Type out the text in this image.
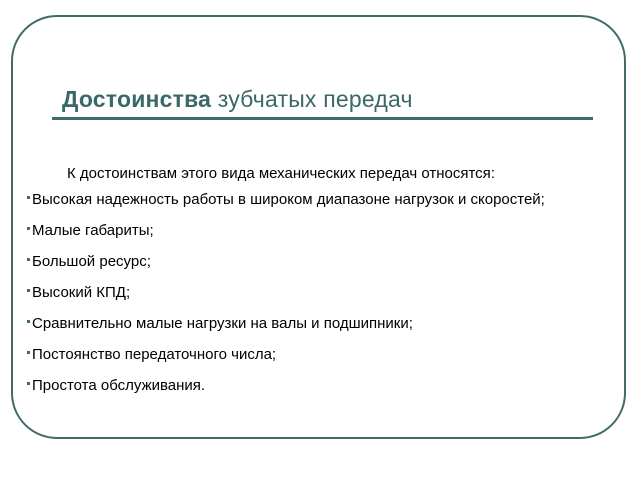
Достоинства зубчатых передач
К достоинствам этого вида механических передач относятся:
Высокая надежность работы в широком диапазоне нагрузок и скоростей;
Малые габариты;
Большой ресурс;
Высокий КПД;
Сравнительно малые нагрузки на валы и подшипники;
Постоянство передаточного числа;
Простота обслуживания.
